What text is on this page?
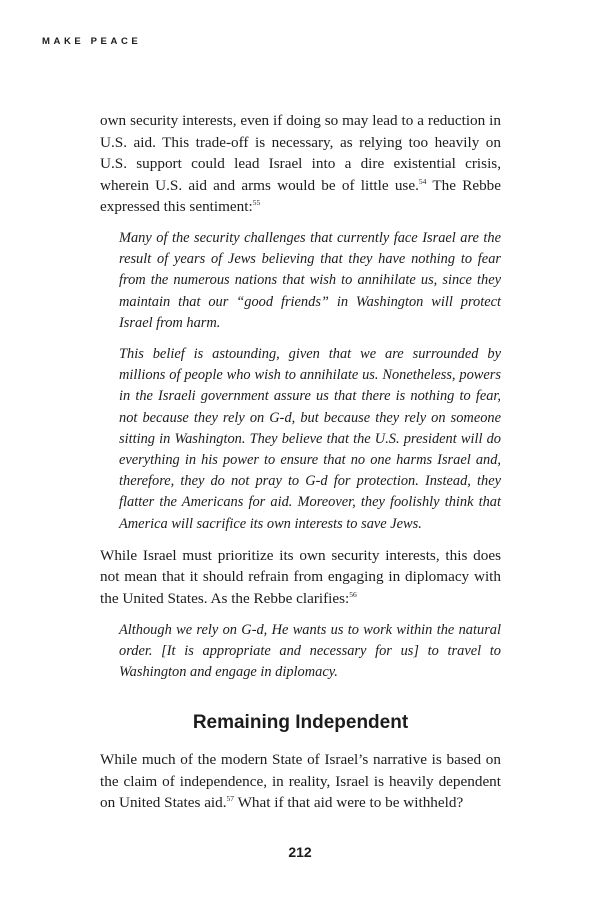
MAKE PEACE

own security interests, even if doing so may lead to a reduction in U.S. aid. This trade-off is necessary, as relying too heavily on U.S. support could lead Israel into a dire existential crisis, wherein U.S. aid and arms would be of little use.$^{54}$ The Rebbe expressed this sentiment:$^{55}$

Many of the security challenges that currently face Israel are the result of years of Jews believing that they have nothing to fear from the numerous nations that wish to annihilate us, since they maintain that our “good friends” in Washington will protect Israel from harm.

This belief is astounding, given that we are surrounded by millions of people who wish to annihilate us. Nonetheless, powers in the Israeli government assure us that there is nothing to fear, not because they rely on G-d, but because they rely on someone sitting in Washington. They believe that the U.S. president will do everything in his power to ensure that no one harms Israel and, therefore, they do not pray to G-d for protection. Instead, they flatter the Americans for aid. Moreover, they foolishly think that America will sacrifice its own interests to save Jews.

While Israel must prioritize its own security interests, this does not mean that it should refrain from engaging in diplomacy with the United States. As the Rebbe clarifies:$^{56}$

Although we rely on G-d, He wants us to work within the natural order. [It is appropriate and necessary for us] to travel to Washington and engage in diplomacy.

Remaining Independent

While much of the modern State of Israel’s narrative is based on the claim of independence, in reality, Israel is heavily dependent on United States aid.$^{57}$ What if that aid were to be withheld?

212
